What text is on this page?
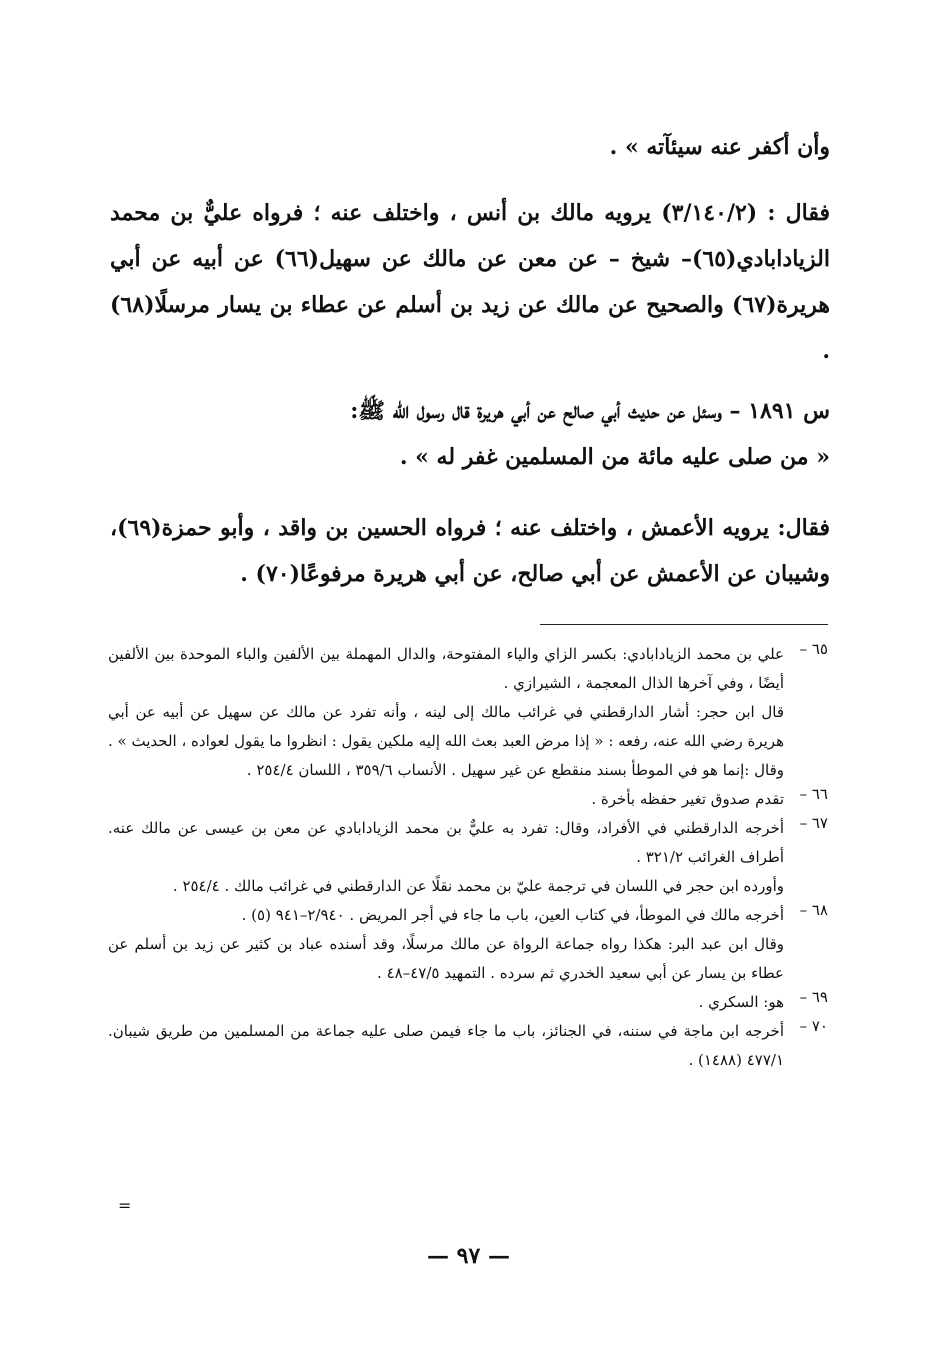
وأن أكفر عنه سيئآته » .

فقال : (٣/١٤٠/٢) يرويه مالك بن أنس ، واختلف عنه ؛ فرواه عليٌّ بن محمد الزيادابادي(٦٥)– شيخ – عن معن عن مالك عن سهيل(٦٦) عن أبيه عن أبي هريرة(٦٧) والصحيح عن مالك عن زيد بن أسلم عن عطاء بن يسار مرسلًا(٦٨) .

س ١٨٩١ – وسئل عن حديث أبي صالح عن أبي هريرة قال رسول الله ﷺ:

« من صلى عليه مائة من المسلمين غفر له » .

فقال: يرويه الأعمش ، واختلف عنه ؛ فرواه الحسين بن واقد ، وأبو حمزة(٦٩)، وشيبان عن الأعمش عن أبي صالح، عن أبي هريرة مرفوعًا(٧٠) .

٦٥ –
علي بن محمد الزيادابادي: بكسر الزاي والياء المفتوحة، والدال المهملة بين الألفين والباء الموحدة بين الألفين أيضًا ، وفي آخرها الذال المعجمة ، الشيرازي .

قال ابن حجر: أشار الدارقطني في غرائب مالك إلى لينه ، وأنه تفرد عن مالك عن سهيل عن أبيه عن أبي هريرة رضي الله عنه، رفعه : « إذا مرض العبد بعث الله إليه ملكين يقول : انظروا ما يقول لعواده ، الحديث » .

وقال :إنما هو في الموطأ بسند منقطع عن غير سهيل . الأنساب ٣٥٩/٦ ، اللسان ٢٥٤/٤ .

٦٦ –
تقدم صدوق تغير حفظه بأخرة .
٦٧ –
أخرجه الدارقطني في الأفراد، وقال: تفرد به عليٌّ بن محمد الزيادابادي عن معن بن عيسى عن مالك عنه. أطراف الغرائب ٣٢١/٢ .

وأورده ابن حجر في اللسان في ترجمة عليّ بن محمد نقلًا عن الدارقطني في غرائب مالك . ٢٥٤/٤ .

٦٨ –
أخرجه مالك في الموطأ، في كتاب العين، باب ما جاء في أجر المريض . ٢/٩٤٠–٩٤١ (٥) .

وقال ابن عبد البر: هكذا رواه جماعة الرواة عن مالك مرسلًا، وقد أسنده عباد بن كثير عن زيد بن أسلم عن عطاء بن يسار عن أبي سعيد الخدري ثم سرده . التمهيد ٤٧/٥–٤٨ .

٦٩ –
هو: السكري .
٧٠ –
أخرجه ابن ماجة في سننه، في الجنائز، باب ما جاء فيمن صلى عليه جماعة من المسلمين من طريق شيبان. ٤٧٧/١ (١٤٨٨) .
=
— ٩٧ —
